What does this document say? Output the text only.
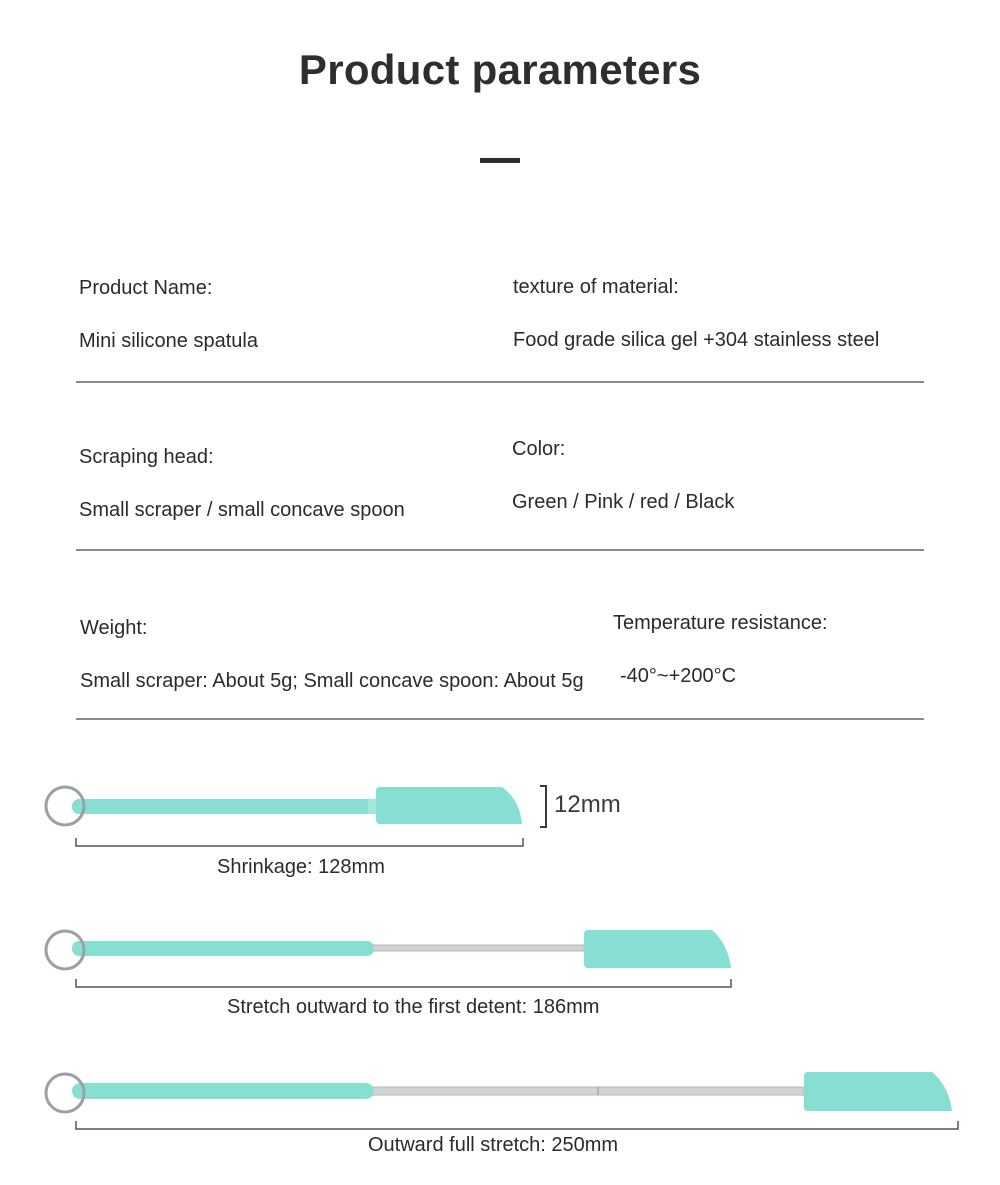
Product parameters
Product Name:
Mini silicone spatula
texture of material:
Food grade silica gel +304 stainless steel
Scraping head:
Small scraper / small concave spoon
Color:
Green / Pink / red / Black
Weight:
Small scraper: About 5g; Small concave spoon: About 5g
Temperature resistance:
-40°~+200°C
12mm
Shrinkage: 128mm
Stretch outward to the first detent: 186mm
Outward full stretch: 250mm
